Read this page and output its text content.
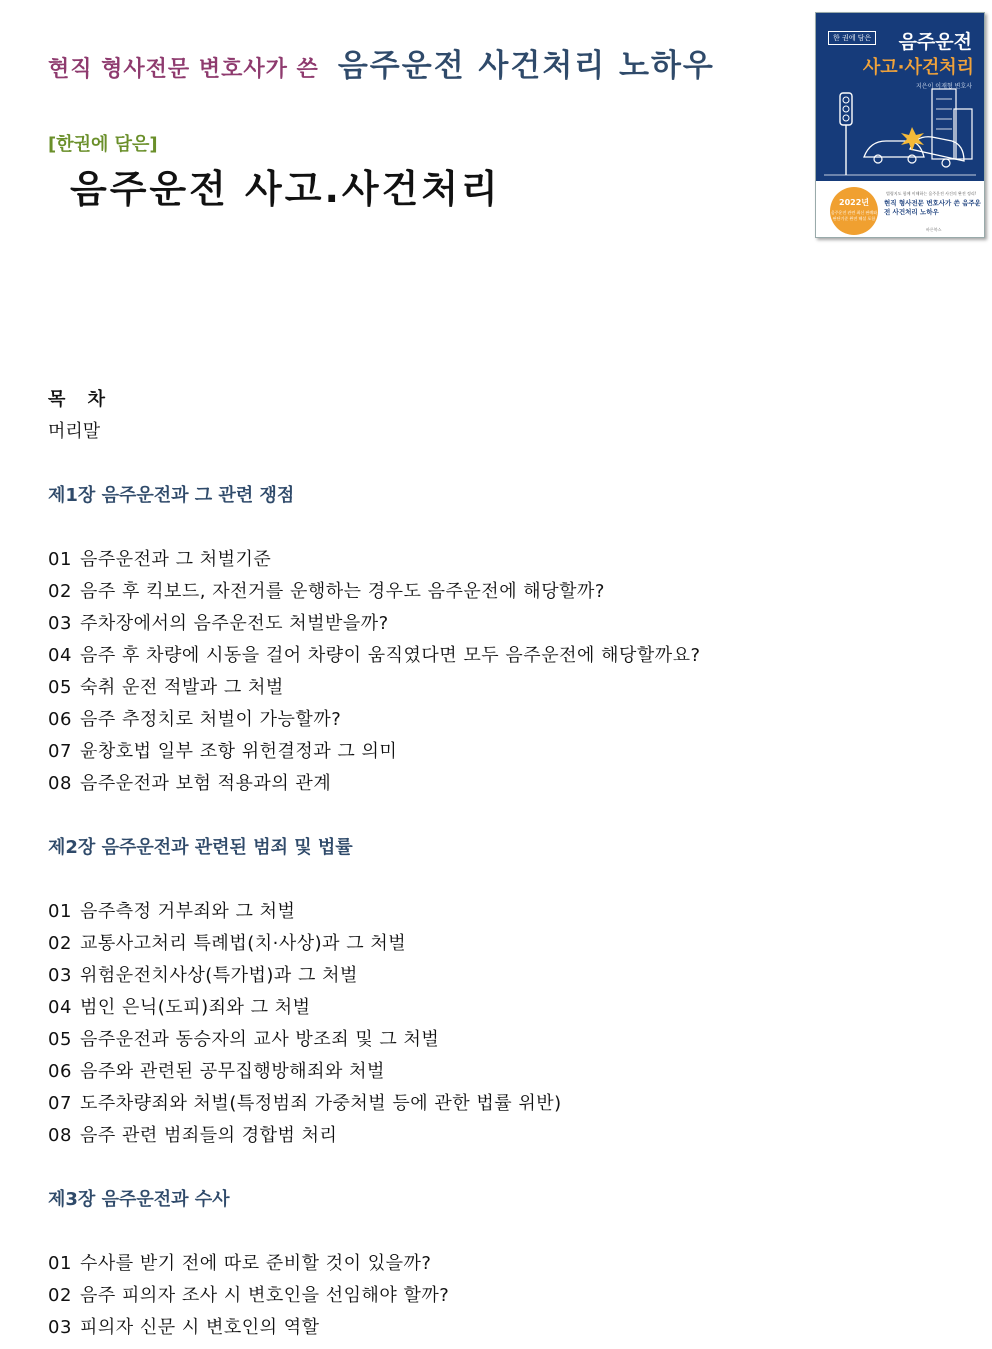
현직 형사전문 변호사가 쓴 음주운전 사건처리 노하우
[한권에 담은]
음주운전 사고.사건처리
한 권에 담은 음주운전
사고·사건처리
지은이 이재형 변호사
2022년
음주운전 관련 최신 판례와 판단기준 완전 해설 포함
법령지도 함께 이해하는 음주운전 사건의 완전 정리!
현직 형사전문 변호사가 쓴 음주운전 사건처리 노하우
바른북스
목 차
머리말
제1장 음주운전과 그 관련 쟁점
01 음주운전과 그 처벌기준
02 음주 후 킥보드, 자전거를 운행하는 경우도 음주운전에 해당할까?
03 주차장에서의 음주운전도 처벌받을까?
04 음주 후 차량에 시동을 걸어 차량이 움직였다면 모두 음주운전에 해당할까요?
05 숙취 운전 적발과 그 처벌
06 음주 추정치로 처벌이 가능할까?
07 윤창호법 일부 조항 위헌결정과 그 의미
08 음주운전과 보험 적용과의 관계
제2장 음주운전과 관련된 범죄 및 법률
01 음주측정 거부죄와 그 처벌
02 교통사고처리 특례법(치·사상)과 그 처벌
03 위험운전치사상(특가법)과 그 처벌
04 범인 은닉(도피)죄와 그 처벌
05 음주운전과 동승자의 교사 방조죄 및 그 처벌
06 음주와 관련된 공무집행방해죄와 처벌
07 도주차량죄와 처벌(특정범죄 가중처벌 등에 관한 법률 위반)
08 음주 관련 범죄들의 경합범 처리
제3장 음주운전과 수사
01 수사를 받기 전에 따로 준비할 것이 있을까?
02 음주 피의자 조사 시 변호인을 선임해야 할까?
03 피의자 신문 시 변호인의 역할
